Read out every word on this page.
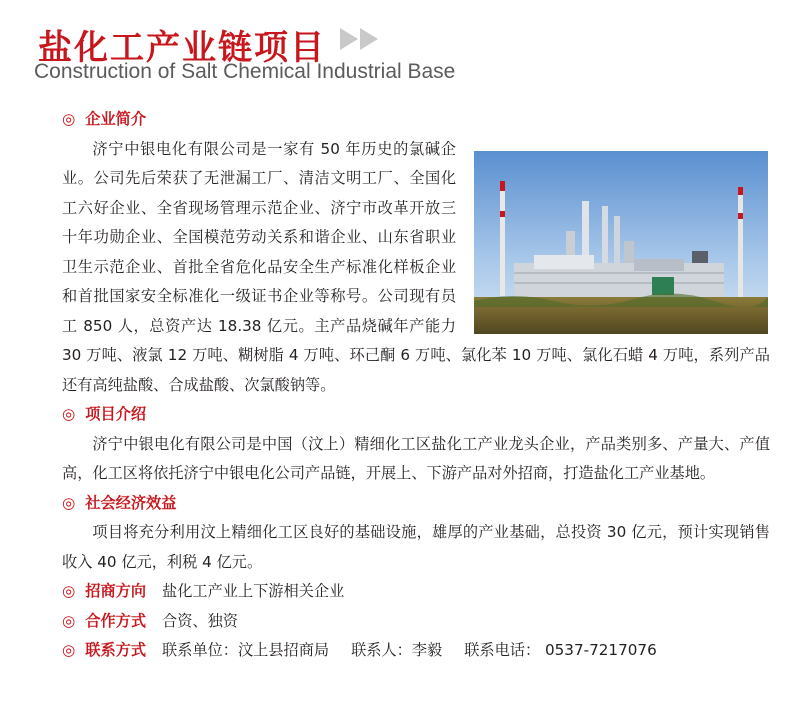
盐化工产业链项目
Construction of Salt Chemical Industrial Base
◎ 企业简介

济宁中银电化有限公司是一家有 50 年历史的氯碱企业。公司先后荣获了无泄漏工厂、清洁文明工厂、全国化工六好企业、全省现场管理示范企业、济宁市改革开放三十年功勋企业、全国模范劳动关系和谐企业、山东省职业卫生示范企业、首批全省危化品安全生产标准化样板企业和首批国家安全标准化一级证书企业等称号。公司现有员工 850 人，总资产达 18.38 亿元。主产品烧碱年产能力 30 万吨、液氯 12 万吨、糊树脂 4 万吨、环己酮 6 万吨、氯化苯 10 万吨、氯化石蜡 4 万吨，系列产品还有高纯盐酸、合成盐酸、次氯酸钠等。

◎ 项目介绍

济宁中银电化有限公司是中国（汶上）精细化工区盐化工产业龙头企业，产品类别多、产量大、产值高，化工区将依托济宁中银电化公司产品链，开展上、下游产品对外招商，打造盐化工产业基地。

◎ 社会经济效益

项目将充分利用汶上精细化工区良好的基础设施，雄厚的产业基础，总投资 30 亿元，预计实现销售收入 40 亿元，利税 4 亿元。

◎ 招商方向 盐化工产业上下游相关企业
◎ 合作方式 合资、独资
◎ 联系方式 联系单位：汶上县招商局 联系人：李毅 联系电话： 0537-7217076
